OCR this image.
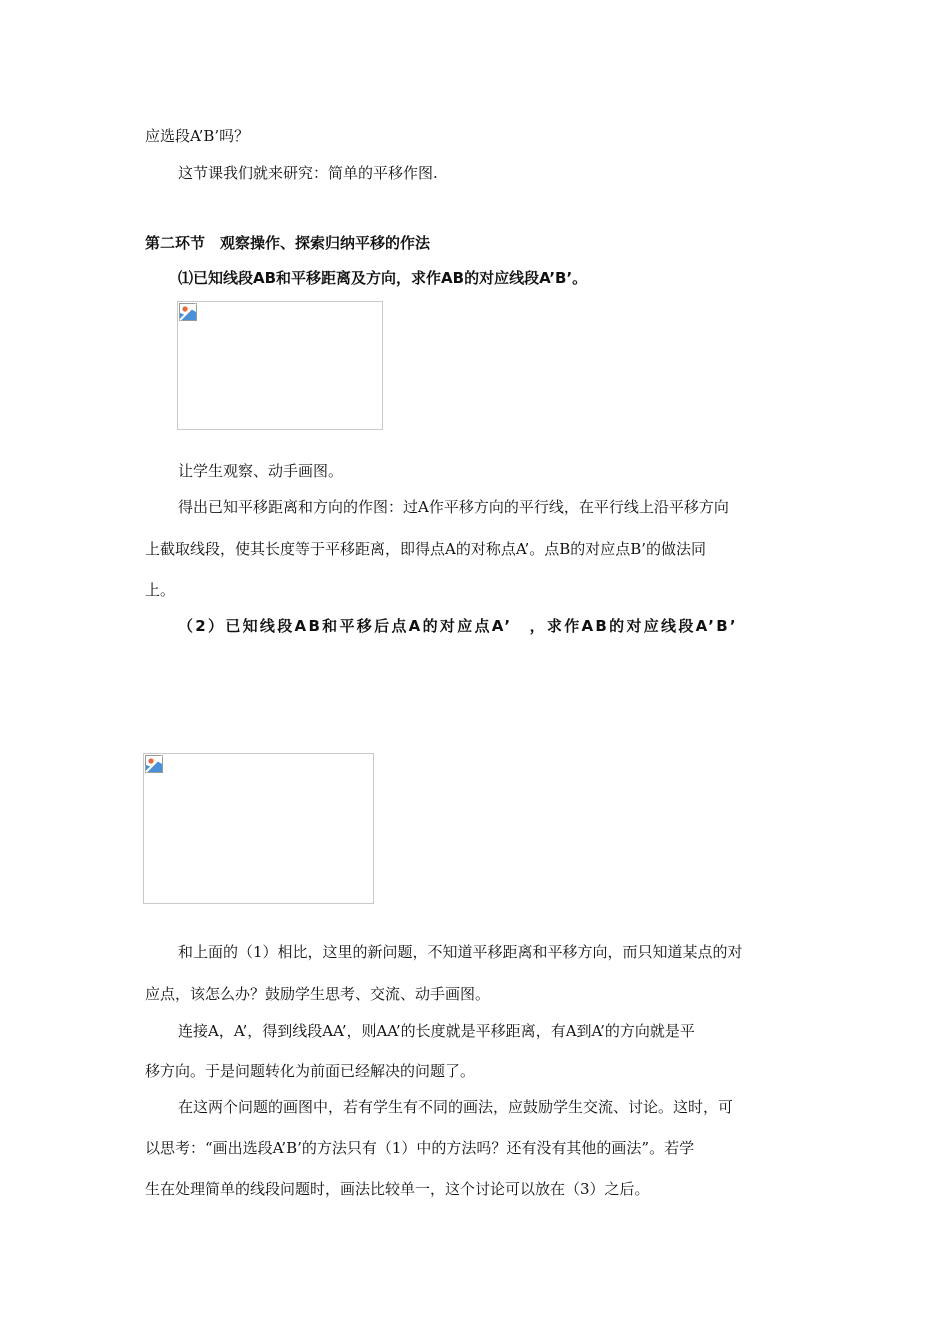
应选段A’B’吗？
这节课我们就来研究：简单的平移作图.
第二环节　观察操作、探索归纳平移的作法
⑴已知线段AB和平移距离及方向，求作AB的对应线段A’B’。
让学生观察、动手画图。
得出已知平移距离和方向的作图：过A作平移方向的平行线，在平行线上沿平移方向
上截取线段，使其长度等于平移距离，即得点A的对称点A’。点B的对应点B’的做法同
上。
（2）已知线段AB和平移后点A的对应点A’　，求作AB的对应线段A’B’
和上面的（1）相比，这里的新问题，不知道平移距离和平移方向，而只知道某点的对
应点，该怎么办？鼓励学生思考、交流、动手画图。
连接A，A’，得到线段AA’，则AA’的长度就是平移距离，有A到A’的方向就是平
移方向。于是问题转化为前面已经解决的问题了。
在这两个问题的画图中，若有学生有不同的画法，应鼓励学生交流、讨论。这时，可
以思考：“画出选段A’B’的方法只有（1）中的方法吗？还有没有其他的画法”。若学
生在处理简单的线段问题时，画法比较单一，这个讨论可以放在（3）之后。
